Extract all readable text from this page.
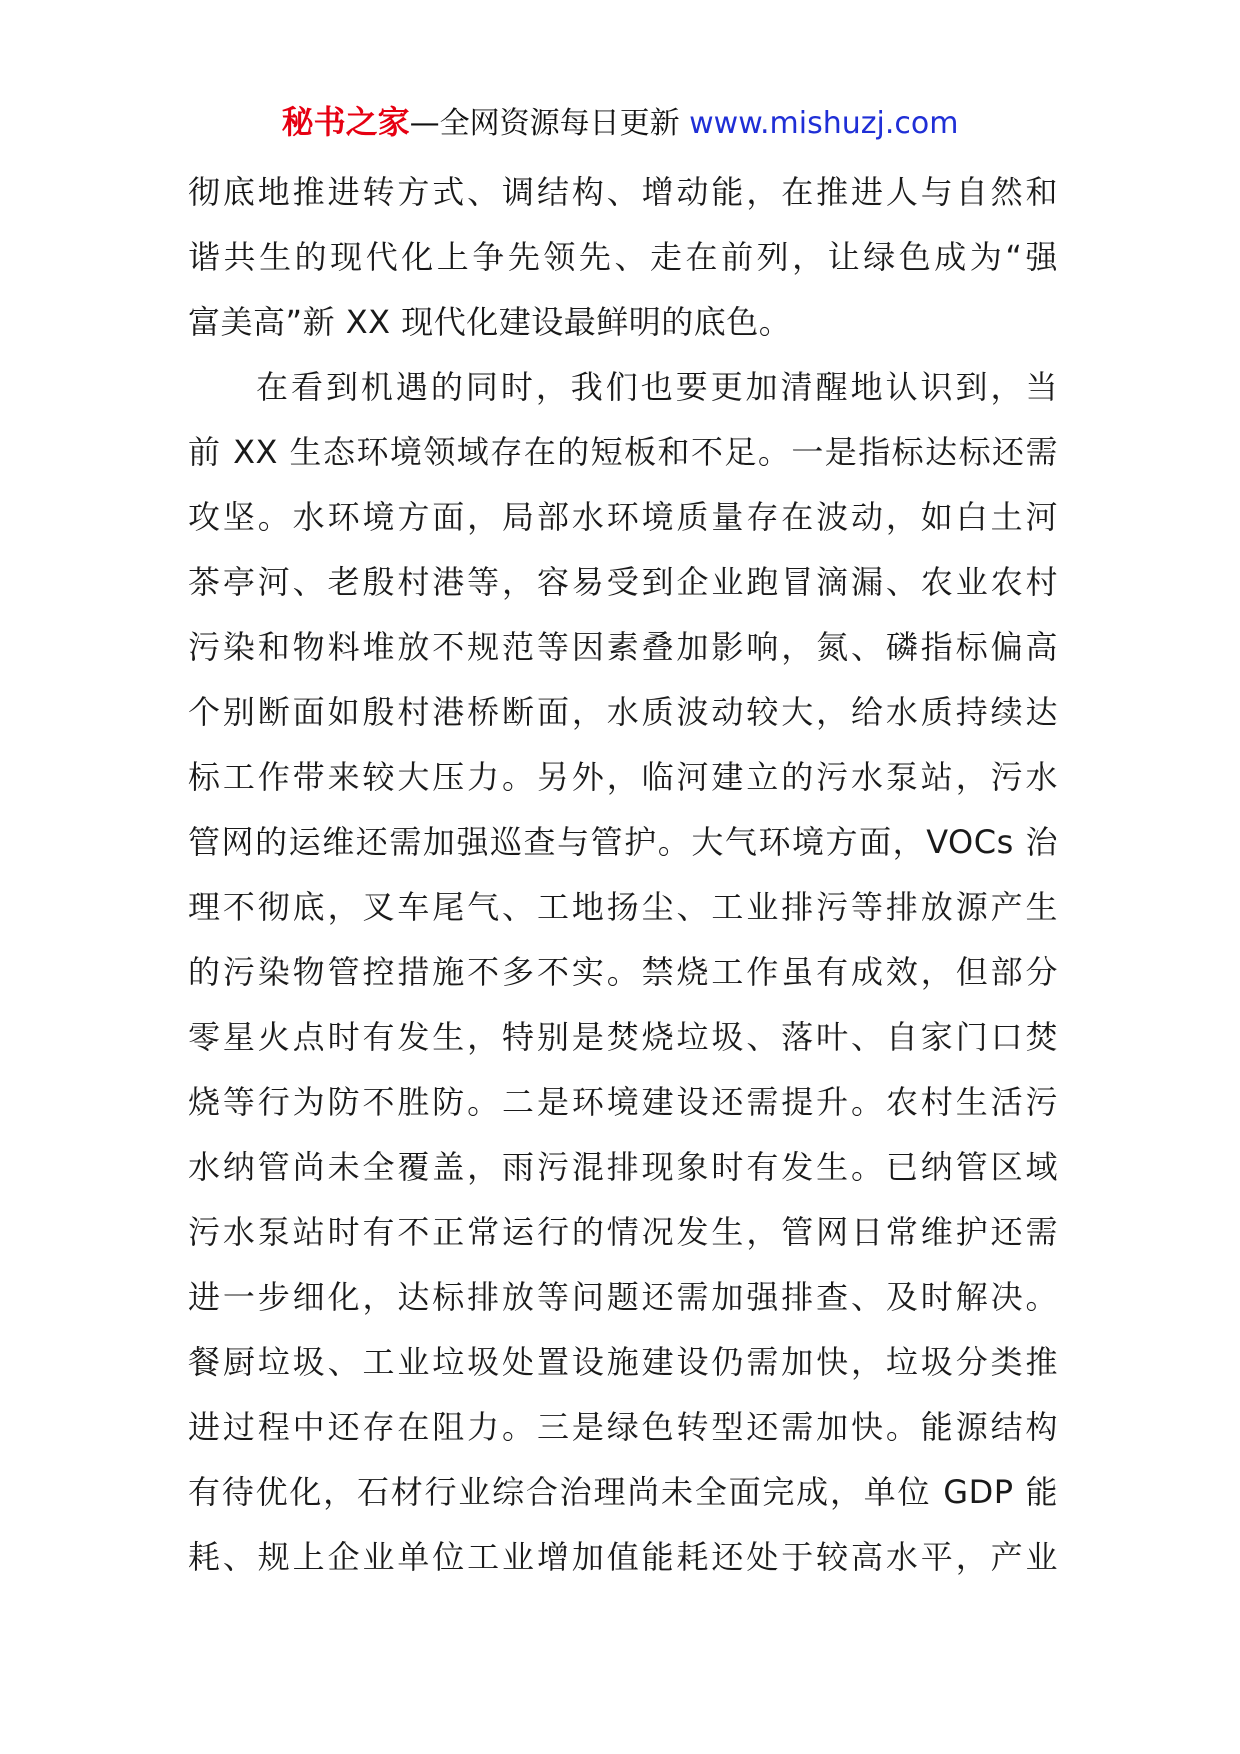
秘书之家—全网资源每日更新 www.mishuzj.com
彻底地推进转方式、调结构、增动能，在推进人与自然和
谐共生的现代化上争先领先、走在前列，让绿色成为“强
富美高”新 XX 现代化建设最鲜明的底色。
在看到机遇的同时，我们也要更加清醒地认识到，当
前 XX 生态环境领域存在的短板和不足。一是指标达标还需
攻坚。水环境方面，局部水环境质量存在波动，如白土河
茶亭河、老殷村港等，容易受到企业跑冒滴漏、农业农村
污染和物料堆放不规范等因素叠加影响，氮、磷指标偏高
个别断面如殷村港桥断面，水质波动较大，给水质持续达
标工作带来较大压力。另外，临河建立的污水泵站，污水
管网的运维还需加强巡查与管护。大气环境方面，VOCs 治
理不彻底，叉车尾气、工地扬尘、工业排污等排放源产生
的污染物管控措施不多不实。禁烧工作虽有成效，但部分
零星火点时有发生，特别是焚烧垃圾、落叶、自家门口焚
烧等行为防不胜防。二是环境建设还需提升。农村生活污
水纳管尚未全覆盖，雨污混排现象时有发生。已纳管区域
污水泵站时有不正常运行的情况发生，管网日常维护还需
进一步细化，达标排放等问题还需加强排查、及时解决。
餐厨垃圾、工业垃圾处置设施建设仍需加快，垃圾分类推
进过程中还存在阻力。三是绿色转型还需加快。能源结构
有待优化，石材行业综合治理尚未全面完成，单位 GDP 能
耗、规上企业单位工业增加值能耗还处于较高水平，产业
